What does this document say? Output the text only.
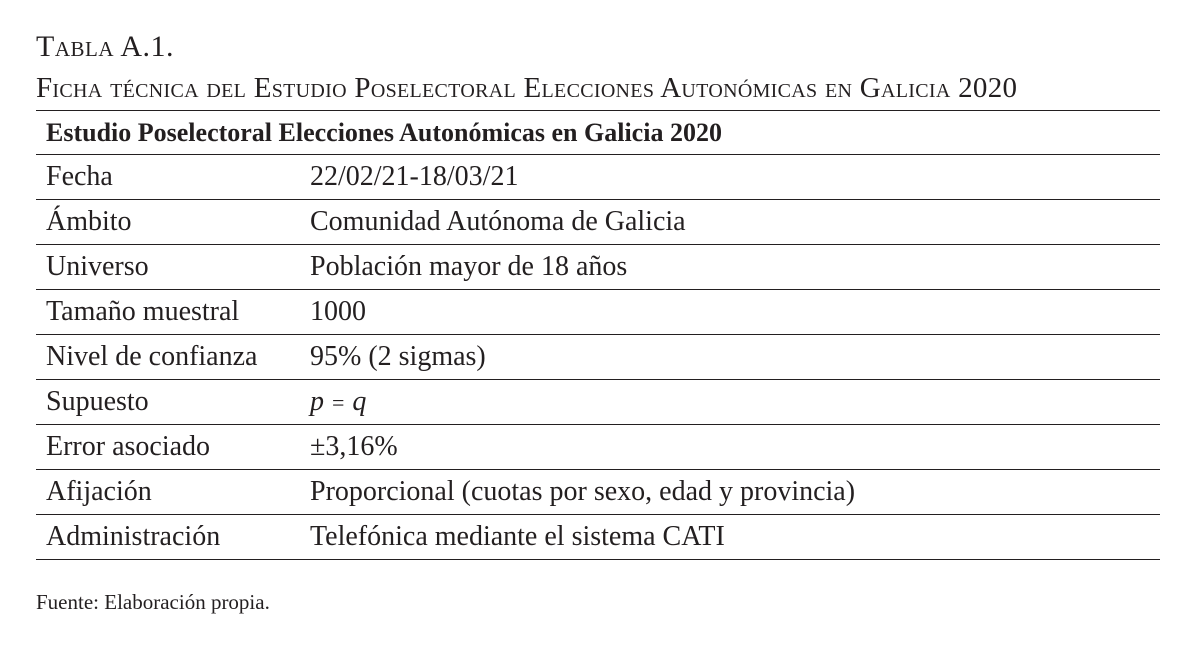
Tabla A.1.
Ficha técnica del Estudio Poselectoral Elecciones Autonómicas en Galicia 2020
Estudio Poselectoral Elecciones Autonómicas en Galicia 2020	
Fecha	22/02/21-18/03/21
Ámbito	Comunidad Autónoma de Galicia
Universo	Población mayor de 18 años
Tamaño muestral	1000
Nivel de confianza	95% (2 sigmas)
Supuesto	p = q
Error asociado	±3,16%
Afijación	Proporcional (cuotas por sexo, edad y provincia)
Administración	Telefónica mediante el sistema CATI
Fuente: Elaboración propia.
